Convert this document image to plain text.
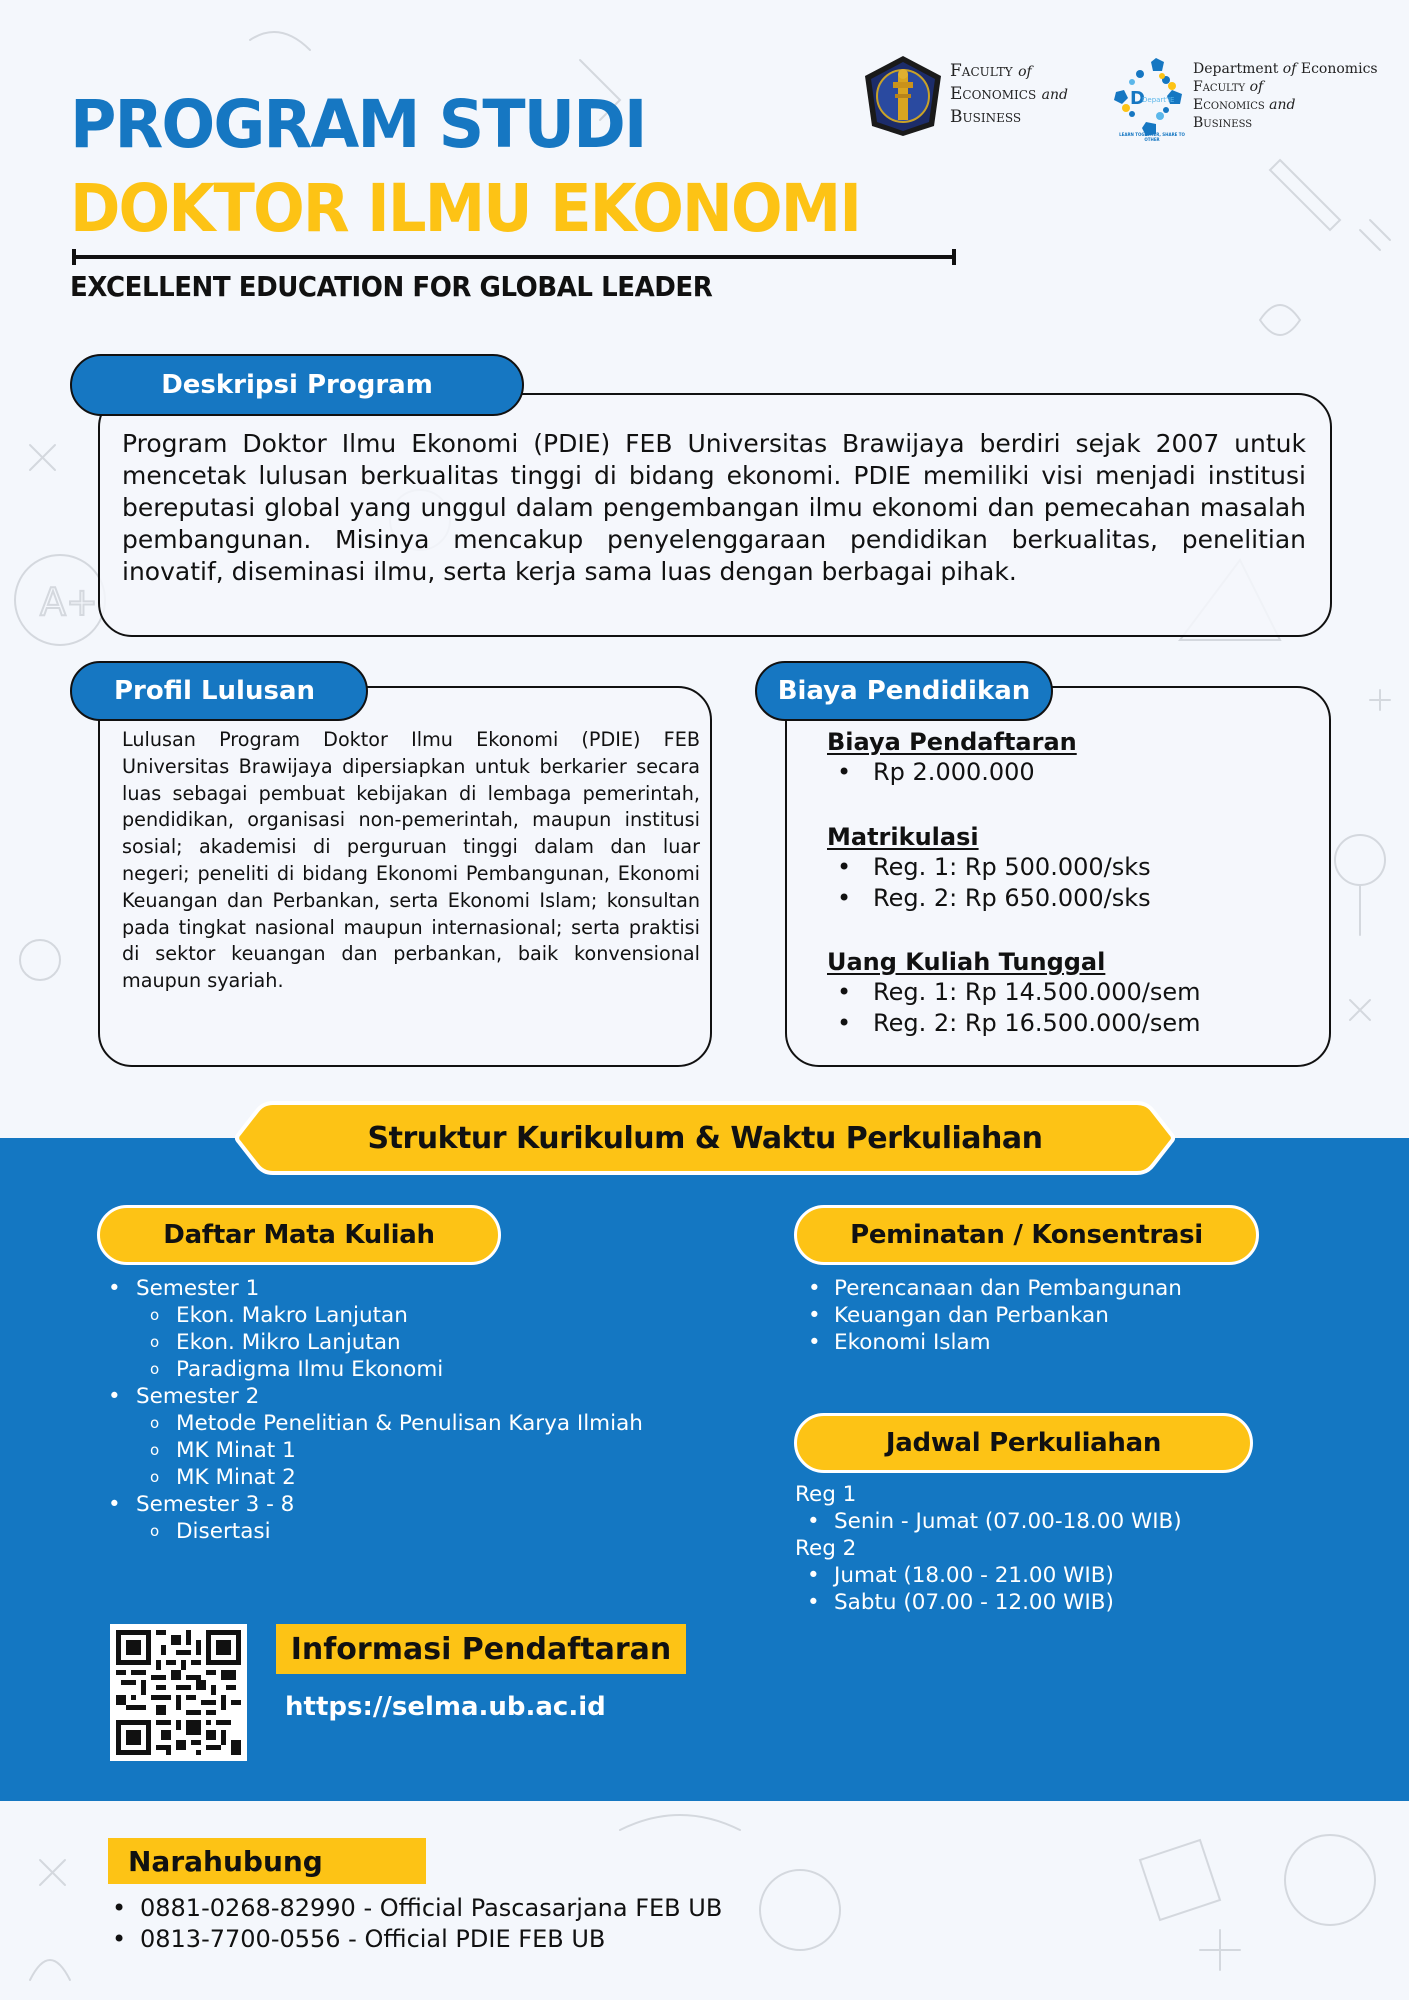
A+
PROGRAM STUDI
DOKTOR ILMU EKONOMI
EXCELLENT EDUCATION FOR GLOBAL LEADER
Faculty of
Economics and
Business
D
Depart'IE
LEARN TOGETHER, SHARE TO OTHER
Department of Economics
Faculty of
Economics and
Business
Deskripsi Program
Program Doktor Ilmu Ekonomi (PDIE) FEB Universitas Brawijaya berdiri sejak 2007 untuk mencetak lulusan berkualitas tinggi di bidang ekonomi. PDIE memiliki visi menjadi institusi bereputasi global yang unggul dalam pengembangan ilmu ekonomi dan pemecahan masalah pembangunan. Misinya mencakup penyelenggaraan pendidikan berkualitas, penelitian inovatif, diseminasi ilmu, serta kerja sama luas dengan berbagai pihak.
Profil Lulusan
Lulusan Program Doktor Ilmu Ekonomi (PDIE) FEB Universitas Brawijaya dipersiapkan untuk berkarier secara luas sebagai pembuat kebijakan di lembaga pemerintah, pendidikan, organisasi non-pemerintah, maupun institusi sosial; akademisi di perguruan tinggi dalam dan luar negeri; peneliti di bidang Ekonomi Pembangunan, Ekonomi Keuangan dan Perbankan, serta Ekonomi Islam; konsultan pada tingkat nasional maupun internasional; serta praktisi di sektor keuangan dan perbankan, baik konvensional maupun syariah.
Biaya Pendidikan
Biaya Pendaftaran
• Rp 2.000.000
Matrikulasi
• Reg. 1: Rp 500.000/sks
• Reg. 2: Rp 650.000/sks
Uang Kuliah Tunggal
• Reg. 1: Rp 14.500.000/sem
• Reg. 2: Rp 16.500.000/sem
Struktur Kurikulum & Waktu Perkuliahan
Daftar Mata Kuliah
• Semester 1
o Ekon. Makro Lanjutan
o Ekon. Mikro Lanjutan
o Paradigma Ilmu Ekonomi
• Semester 2
o Metode Penelitian & Penulisan Karya Ilmiah
o MK Minat 1
o MK Minat 2
• Semester 3 - 8
o Disertasi
Peminatan / Konsentrasi
• Perencanaan dan Pembangunan
• Keuangan dan Perbankan
• Ekonomi Islam
Jadwal Perkuliahan
Reg 1
• Senin - Jumat (07.00-18.00 WIB)
Reg 2
• Jumat (18.00 - 21.00 WIB)
• Sabtu (07.00 - 12.00 WIB)
Informasi Pendaftaran
https://selma.ub.ac.id
Narahubung
• 0881-0268-82990 - Official Pascasarjana FEB UB
• 0813-7700-0556 - Official PDIE FEB UB
